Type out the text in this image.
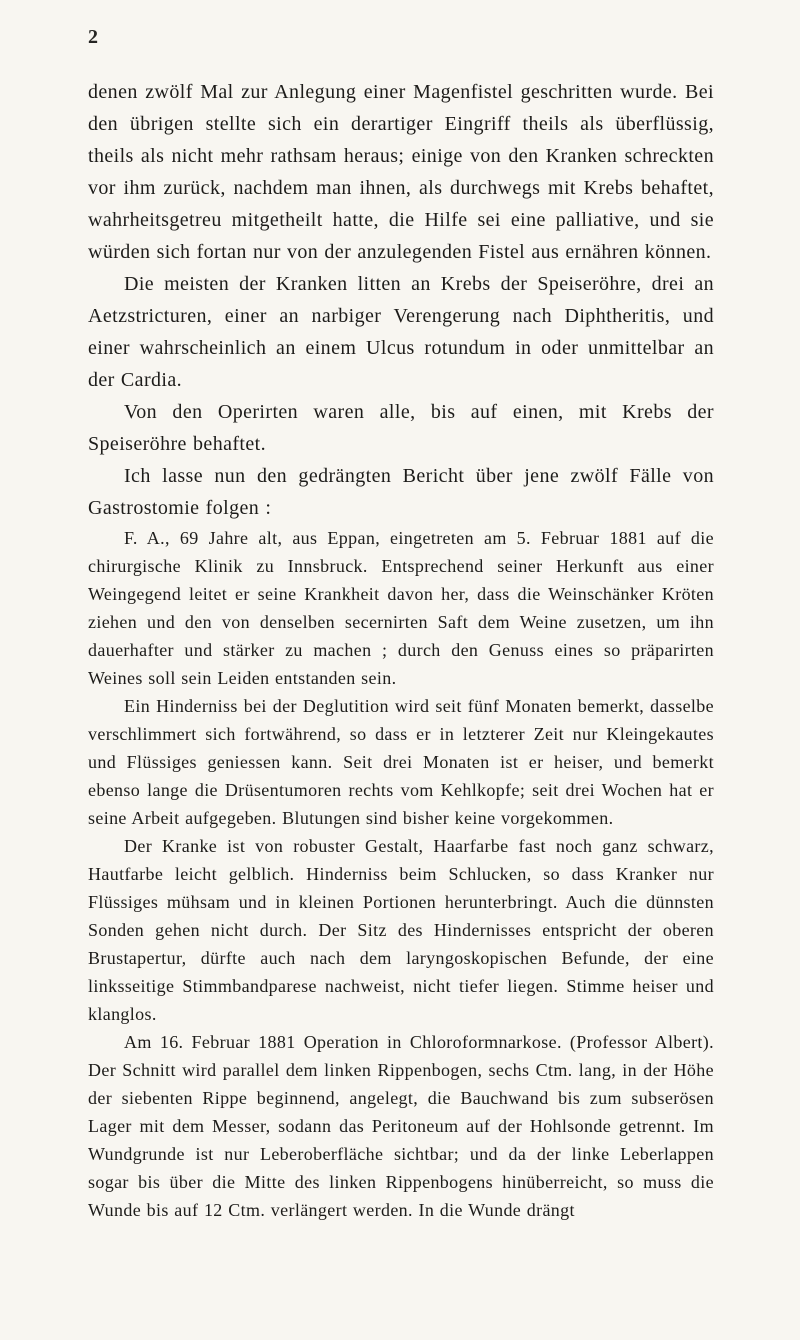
2

denen zwölf Mal zur Anlegung einer Magenfistel geschritten wurde. Bei den übrigen stellte sich ein derartiger Eingriff theils als überflüssig, theils als nicht mehr rathsam heraus; einige von den Kranken schreckten vor ihm zurück, nachdem man ihnen, als durchwegs mit Krebs behaftet, wahrheitsgetreu mitgetheilt hatte, die Hilfe sei eine palliative, und sie würden sich fortan nur von der anzulegenden Fistel aus ernähren können.

Die meisten der Kranken litten an Krebs der Speiseröhre, drei an Aetzstricturen, einer an narbiger Verengerung nach Diphtheritis, und einer wahrscheinlich an einem Ulcus rotundum in oder unmittelbar an der Cardia.

Von den Operirten waren alle, bis auf einen, mit Krebs der Speiseröhre behaftet.

Ich lasse nun den gedrängten Bericht über jene zwölf Fälle von Gastrostomie folgen :

F. A., 69 Jahre alt, aus Eppan, eingetreten am 5. Februar 1881 auf die chirurgische Klinik zu Innsbruck. Entsprechend seiner Herkunft aus einer Weingegend leitet er seine Krankheit davon her, dass die Weinschänker Kröten ziehen und den von denselben secernirten Saft dem Weine zusetzen, um ihn dauerhafter und stärker zu machen ; durch den Genuss eines so präparirten Weines soll sein Leiden entstanden sein.

Ein Hinderniss bei der Deglutition wird seit fünf Monaten bemerkt, dasselbe verschlimmert sich fortwährend, so dass er in letzterer Zeit nur Kleingekautes und Flüssiges geniessen kann. Seit drei Monaten ist er heiser, und bemerkt ebenso lange die Drüsentumoren rechts vom Kehlkopfe; seit drei Wochen hat er seine Arbeit aufgegeben. Blutungen sind bisher keine vorgekommen.

Der Kranke ist von robuster Gestalt, Haarfarbe fast noch ganz schwarz, Hautfarbe leicht gelblich. Hinderniss beim Schlucken, so dass Kranker nur Flüssiges mühsam und in kleinen Portionen herunterbringt. Auch die dünnsten Sonden gehen nicht durch. Der Sitz des Hindernisses entspricht der oberen Brustapertur, dürfte auch nach dem laryngoskopischen Befunde, der eine linksseitige Stimmbandparese nachweist, nicht tiefer liegen. Stimme heiser und klanglos.

Am 16. Februar 1881 Operation in Chloroformnarkose. (Professor Albert). Der Schnitt wird parallel dem linken Rippenbogen, sechs Ctm. lang, in der Höhe der siebenten Rippe beginnend, angelegt, die Bauchwand bis zum subserösen Lager mit dem Messer, sodann das Peritoneum auf der Hohlsonde getrennt. Im Wundgrunde ist nur Leberoberfläche sichtbar; und da der linke Leberlappen sogar bis über die Mitte des linken Rippenbogens hinüberreicht, so muss die Wunde bis auf 12 Ctm. verlängert werden. In die Wunde drängt
